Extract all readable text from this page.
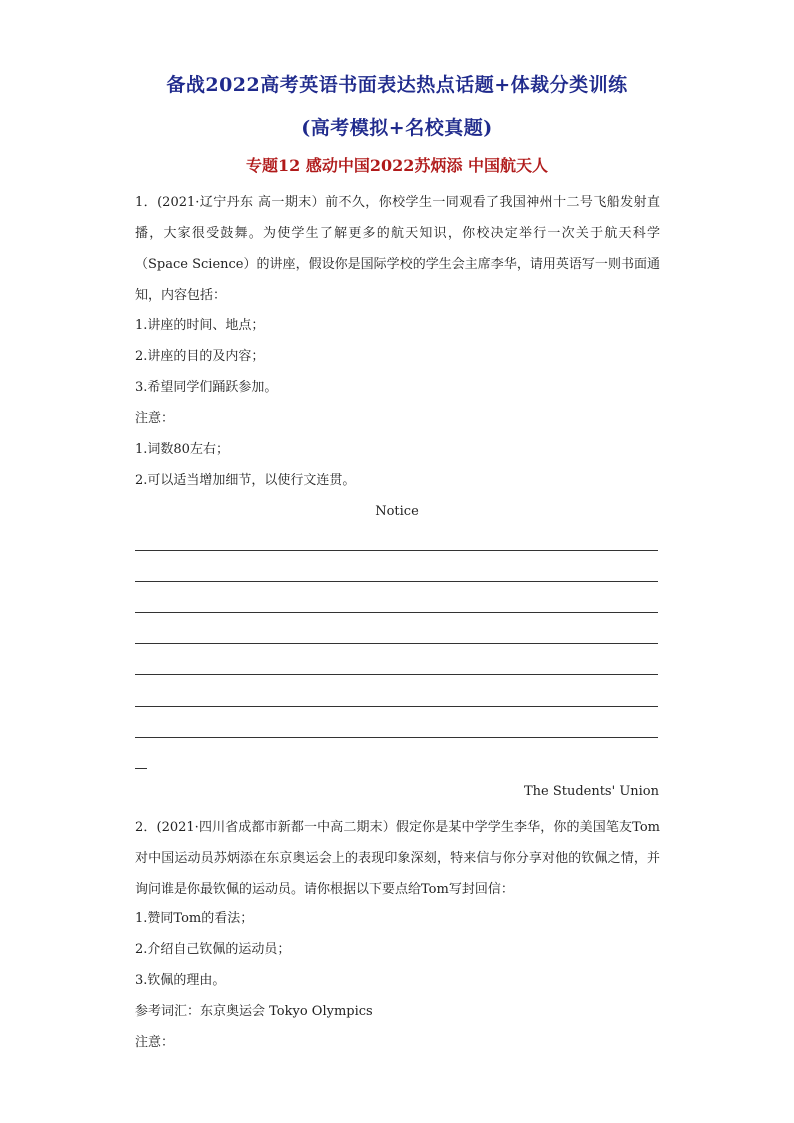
备战2022高考英语书面表达热点话题+体裁分类训练
(高考模拟+名校真题)
专题12 感动中国2022苏炳添 中国航天人
1．(2021·辽宁丹东 高一期末）前不久，你校学生一同观看了我国神州十二号飞船发射直播，大家很受鼓舞。为使学生了解更多的航天知识，你校决定举行一次关于航天科学（Space Science）的讲座，假设你是国际学校的学生会主席李华，请用英语写一则书面通知，内容包括：
1.讲座的时间、地点；
2.讲座的目的及内容；
3.希望同学们踊跃参加。
注意：
1.词数80左右；
2.可以适当增加细节，以使行文连贯。
Notice
The Students' Union
2．(2021·四川省成都市新都一中高二期末）假定你是某中学学生李华，你的美国笔友Tom对中国运动员苏炳添在东京奥运会上的表现印象深刻，特来信与你分享对他的钦佩之情，并询问谁是你最钦佩的运动员。请你根据以下要点给Tom写封回信：
1.赞同Tom的看法；
2.介绍自己钦佩的运动员；
3.钦佩的理由。
参考词汇：东京奥运会 Tokyo Olympics
注意：
